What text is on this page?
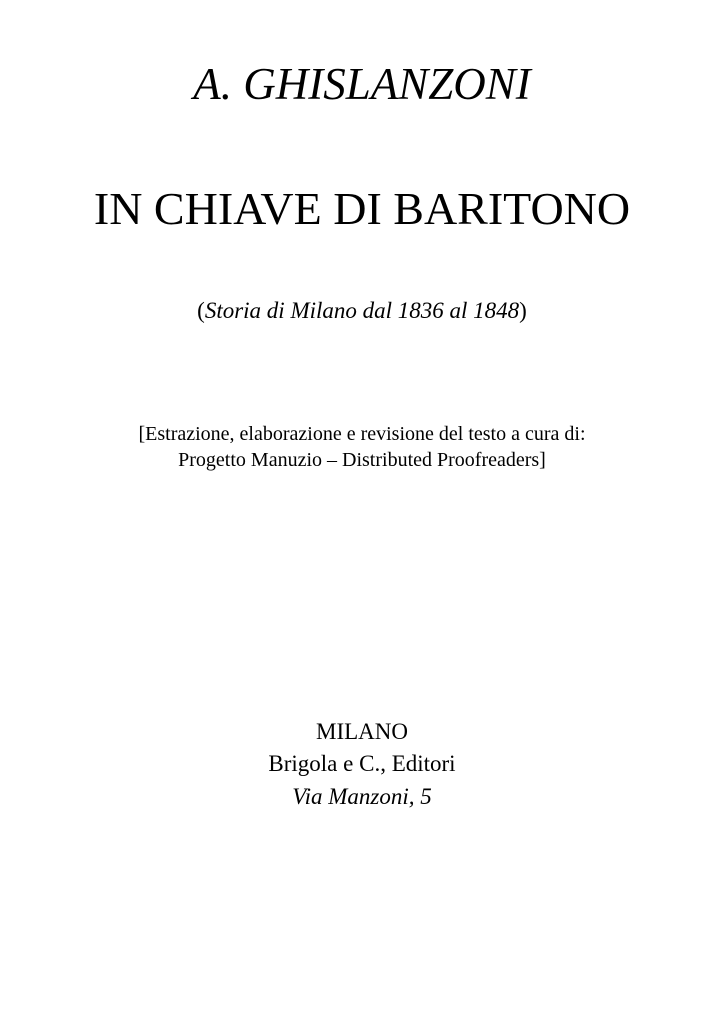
A. GHISLANZONI
IN CHIAVE DI BARITONO
(Storia di Milano dal 1836 al 1848)
[Estrazione, elaborazione e revisione del testo a cura di:
Progetto Manuzio – Distributed Proofreaders]
MILANO
Brigola e C., Editori
Via Manzoni, 5
